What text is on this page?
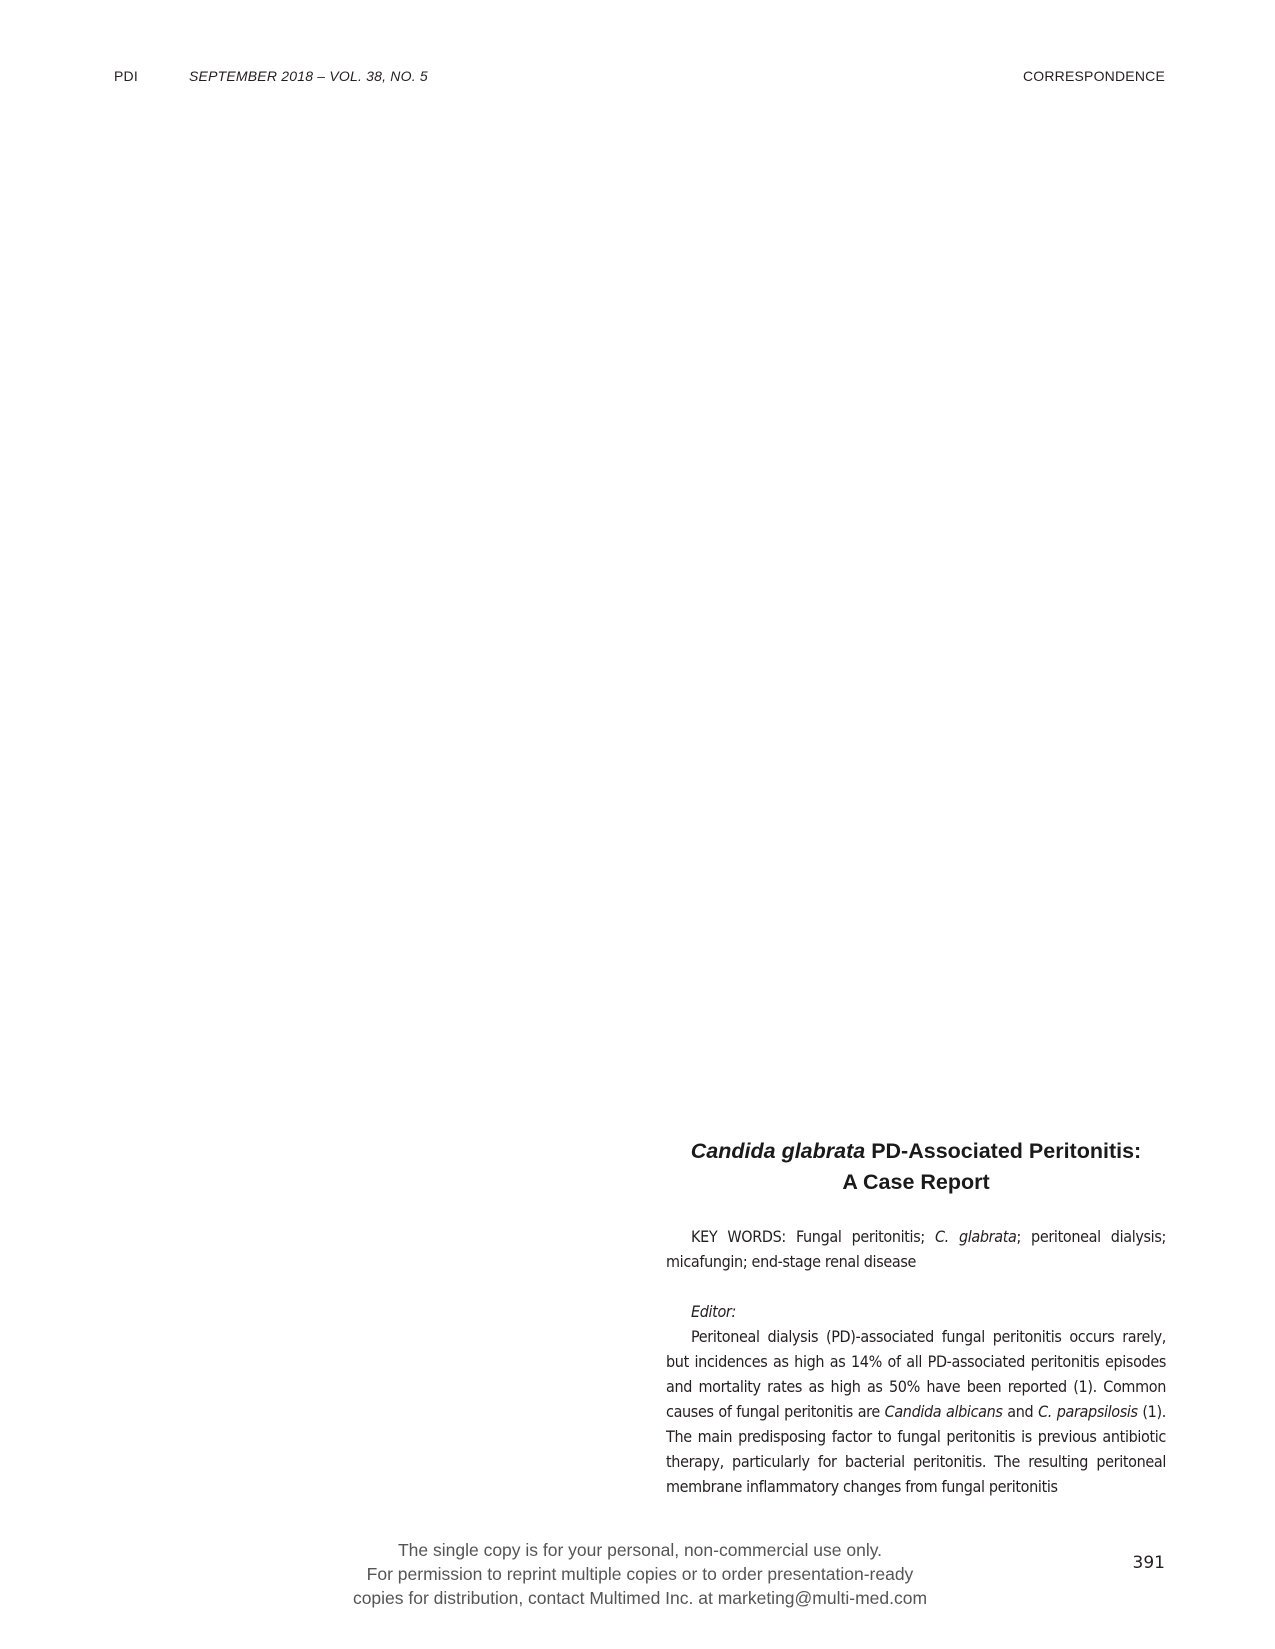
PDI	SEPTEMBER 2018 – VOL. 38, NO. 5	CORRESPONDENCE
Candida glabrata PD-Associated Peritonitis:
A Case Report

KEY WORDS: Fungal peritonitis; C. glabrata; peritoneal dialysis; micafungin; end-stage renal disease

Editor:

Peritoneal dialysis (PD)-associated fungal peritonitis occurs rarely, but incidences as high as 14% of all PD-associated peritonitis episodes and mortality rates as high as 50% have been reported (1). Common causes of fungal peritonitis are Candida albicans and C. parapsilosis (1). The main predisposing factor to fungal peritonitis is previous antibiotic therapy, particularly for bacterial peritonitis. The resulting peritoneal membrane inflammatory changes from fungal peritonitis

The single copy is for your personal, non-commercial use only.
For permission to reprint multiple copies or to order presentation-ready
copies for distribution, contact Multimed Inc. at marketing@multi-med.com
391
